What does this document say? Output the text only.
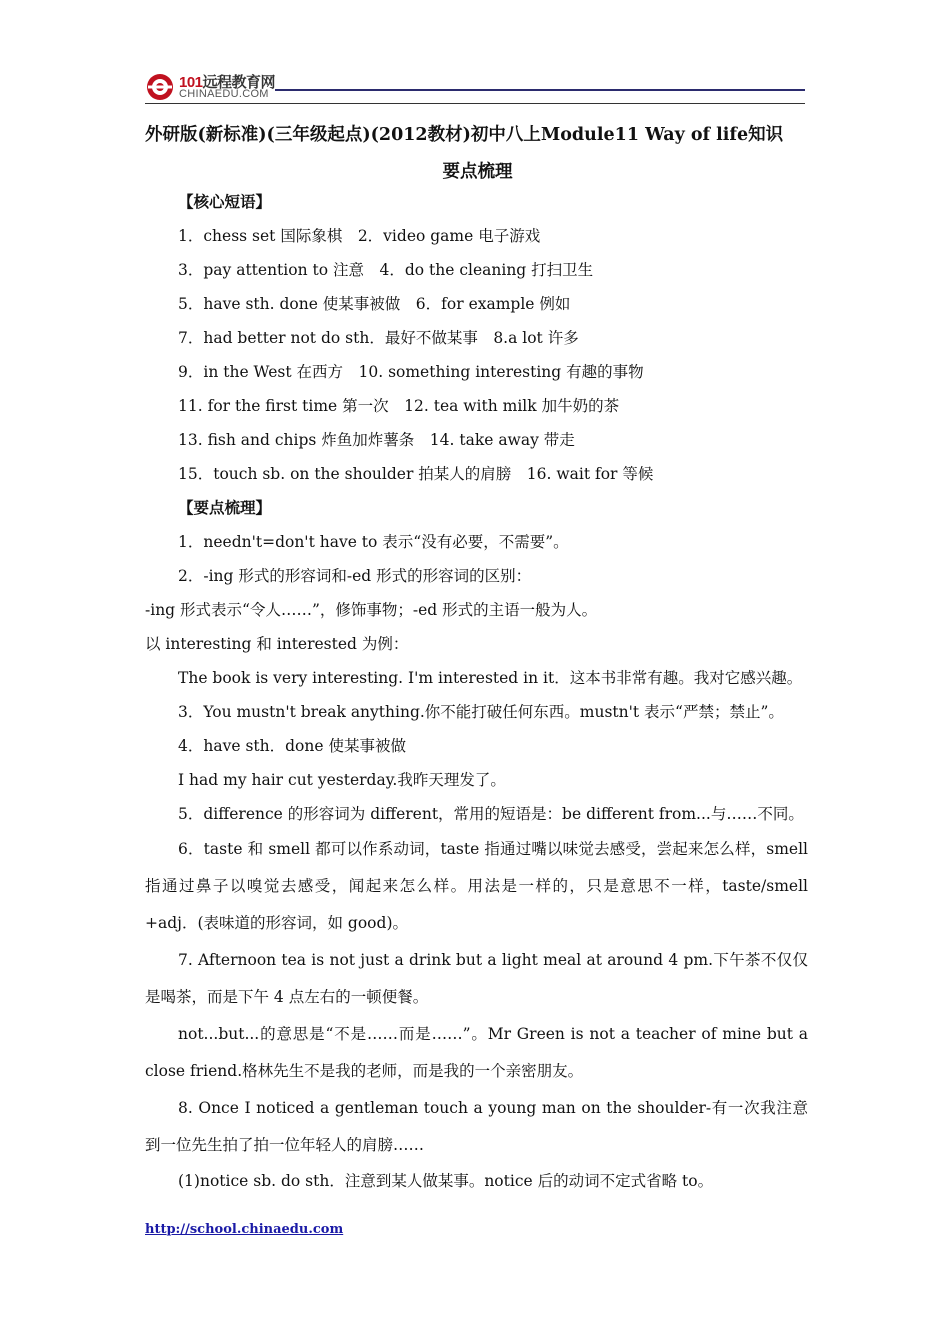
101远程教育网
CHINAEDU.COM
外研版(新标准)(三年级起点)(2012教材)初中八上Module11 Way of life知识
要点梳理

【核心短语】

1．chess set 国际象棋　2．video game 电子游戏

3．pay attention to 注意　4．do the cleaning 打扫卫生

5．have sth. done 使某事被做　6．for example 例如

7．had better not do sth．最好不做某事　8.a lot 许多

9．in the West 在西方　10. something interesting 有趣的事物

11. for the first time 第一次　12. tea with milk 加牛奶的茶

13. fish and chips 炸鱼加炸薯条　14. take away 带走

15．touch sb. on the shoulder 拍某人的肩膀　16. wait for 等候

【要点梳理】

1．needn't=don't have to 表示“没有必要，不需要”。

2．-ing 形式的形容词和-ed 形式的形容词的区别：

-ing 形式表示“令人……”，修饰事物；-ed 形式的主语一般为人。

以 interesting 和 interested 为例：

The book is very interesting. I'm interested in it．这本书非常有趣。我对它感兴趣。

3．You mustn't break anything.你不能打破任何东西。mustn't 表示“严禁；禁止”。

4．have sth．done 使某事被做

I had my hair cut yesterday.我昨天理发了。

5．difference 的形容词为 different，常用的短语是：be different from...与……不同。

6．taste 和 smell 都可以作系动词，taste 指通过嘴以味觉去感受，尝起来怎么样，smell 指通过鼻子以嗅觉去感受，闻起来怎么样。用法是一样的，只是意思不一样，taste/smell +adj．(表味道的形容词，如 good)。

7. Afternoon tea is not just a drink but a light meal at around 4 pm.下午茶不仅仅是喝茶，而是下午 4 点左右的一顿便餐。

not...but...的意思是“不是……而是……”。Mr Green is not a teacher of mine but a close friend.格林先生不是我的老师，而是我的一个亲密朋友。

8. Once I noticed a gentleman touch a young man on the shoulder-有一次我注意到一位先生拍了拍一位年轻人的肩膀……

(1)notice sb. do sth．注意到某人做某事。notice 后的动词不定式省略 to。

http://school.chinaedu.com
